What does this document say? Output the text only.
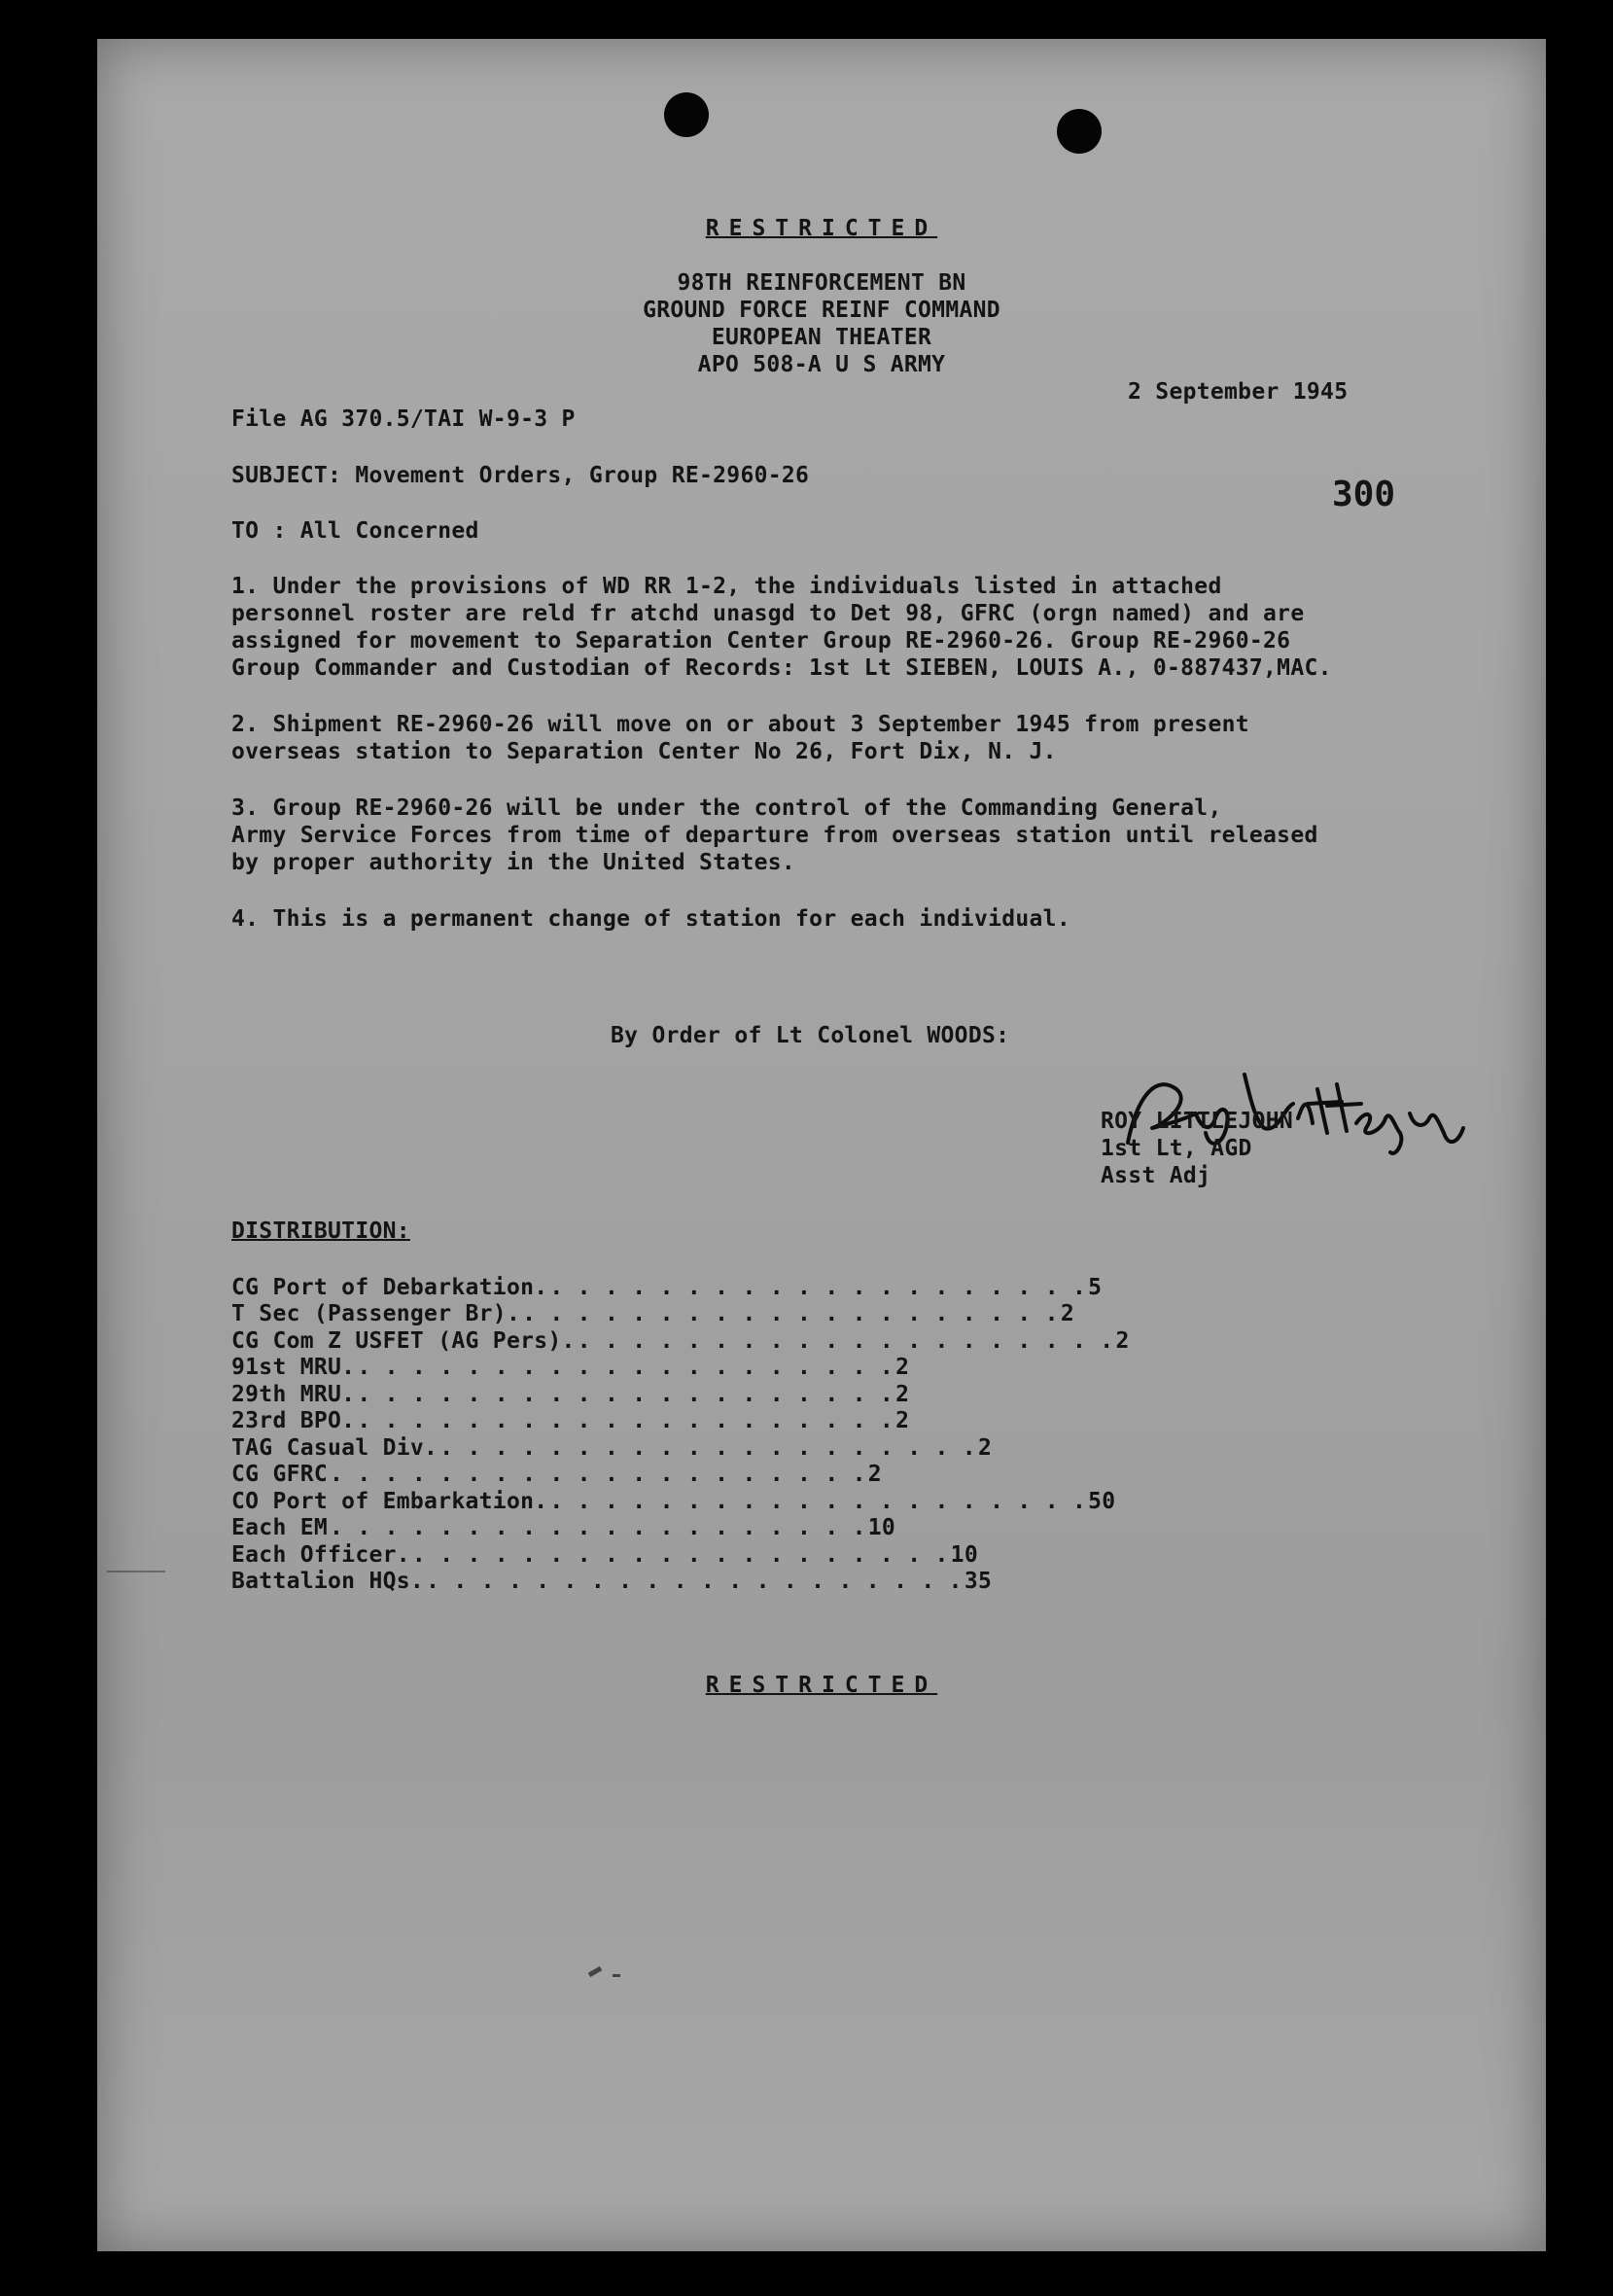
RESTRICTED
98TH REINFORCEMENT BN
GROUND FORCE REINF COMMAND
EUROPEAN THEATER
APO 508-A U S ARMY
2 September 1945
File AG 370.5/TAI W-9-3 P
SUBJECT: Movement Orders, Group RE-2960-26	300
TO : All Concerned
1. Under the provisions of WD RR 1-2, the individuals listed in attached
personnel roster are reld fr atchd unasgd to Det 98, GFRC (orgn named) and are
assigned for movement to Separation Center Group RE-2960-26. Group RE-2960-26
Group Commander and Custodian of Records: 1st Lt SIEBEN, LOUIS A., 0-887437,MAC.
2. Shipment RE-2960-26 will move on or about 3 September 1945 from present
overseas station to Separation Center No 26, Fort Dix, N. J.
3. Group RE-2960-26 will be under the control of the Commanding General,
Army Service Forces from time of departure from overseas station until released
by proper authority in the United States.
4. This is a permanent change of station for each individual.
By Order of Lt Colonel WOODS:
ROY LITTLEJOHN
1st Lt, AGD
Asst Adj
DISTRIBUTION:
CG Port of Debarkation. . . . . . . . . . . . . . . . . . . . . 5
T Sec (Passenger Br). . . . . . . . . . . . . . . . . . . . . 2
CG Com Z USFET (AG Pers). . . . . . . . . . . . . . . . . . . . . 2
91st MRU. . . . . . . . . . . . . . . . . . . . . 2
29th MRU. . . . . . . . . . . . . . . . . . . . . 2
23rd BPO. . . . . . . . . . . . . . . . . . . . . 2
TAG Casual Div. . . . . . . . . . . . . . . . . . . . . 2
CG GFRC . . . . . . . . . . . . . . . . . . . . 2
CO Port of Embarkation. . . . . . . . . . . . . . . . . . . . . 50
Each EM . . . . . . . . . . . . . . . . . . . . 10
Each Officer. . . . . . . . . . . . . . . . . . . . . 10
Battalion HQs. . . . . . . . . . . . . . . . . . . . . 35
RESTRICTED
